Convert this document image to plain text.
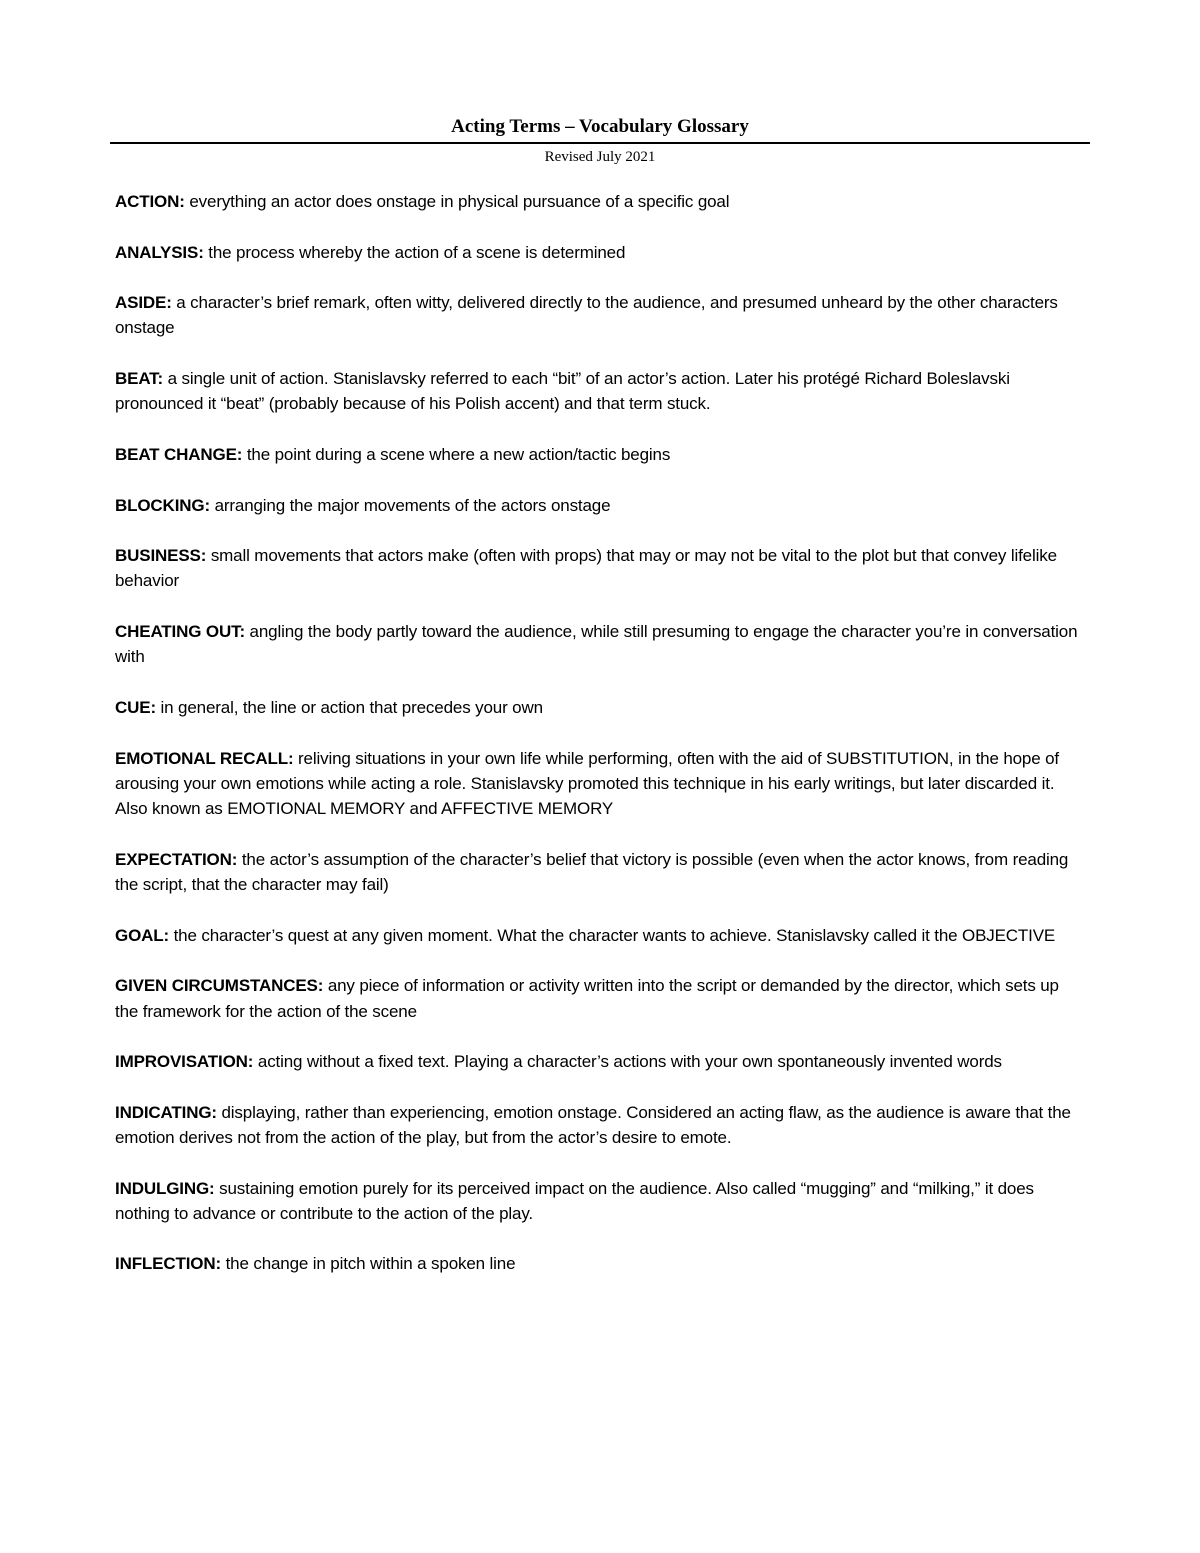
Acting Terms – Vocabulary Glossary
Revised July 2021

ACTION: everything an actor does onstage in physical pursuance of a specific goal

ANALYSIS: the process whereby the action of a scene is determined

ASIDE: a character’s brief remark, often witty, delivered directly to the audience, and presumed unheard by the other characters onstage

BEAT: a single unit of action. Stanislavsky referred to each “bit” of an actor’s action. Later his protégé Richard Boleslavski pronounced it “beat” (probably because of his Polish accent) and that term stuck.

BEAT CHANGE: the point during a scene where a new action/tactic begins

BLOCKING: arranging the major movements of the actors onstage

BUSINESS: small movements that actors make (often with props) that may or may not be vital to the plot but that convey lifelike behavior

CHEATING OUT: angling the body partly toward the audience, while still presuming to engage the character you’re in conversation with

CUE: in general, the line or action that precedes your own

EMOTIONAL RECALL: reliving situations in your own life while performing, often with the aid of SUBSTITUTION, in the hope of arousing your own emotions while acting a role. Stanislavsky promoted this technique in his early writings, but later discarded it. Also known as EMOTIONAL MEMORY and AFFECTIVE MEMORY

EXPECTATION: the actor’s assumption of the character’s belief that victory is possible (even when the actor knows, from reading the script, that the character may fail)

GOAL: the character’s quest at any given moment. What the character wants to achieve. Stanislavsky called it the OBJECTIVE

GIVEN CIRCUMSTANCES: any piece of information or activity written into the script or demanded by the director, which sets up the framework for the action of the scene

IMPROVISATION: acting without a fixed text. Playing a character’s actions with your own spontaneously invented words

INDICATING: displaying, rather than experiencing, emotion onstage. Considered an acting flaw, as the audience is aware that the emotion derives not from the action of the play, but from the actor’s desire to emote.

INDULGING: sustaining emotion purely for its perceived impact on the audience. Also called “mugging” and “milking,” it does nothing to advance or contribute to the action of the play.

INFLECTION: the change in pitch within a spoken line
